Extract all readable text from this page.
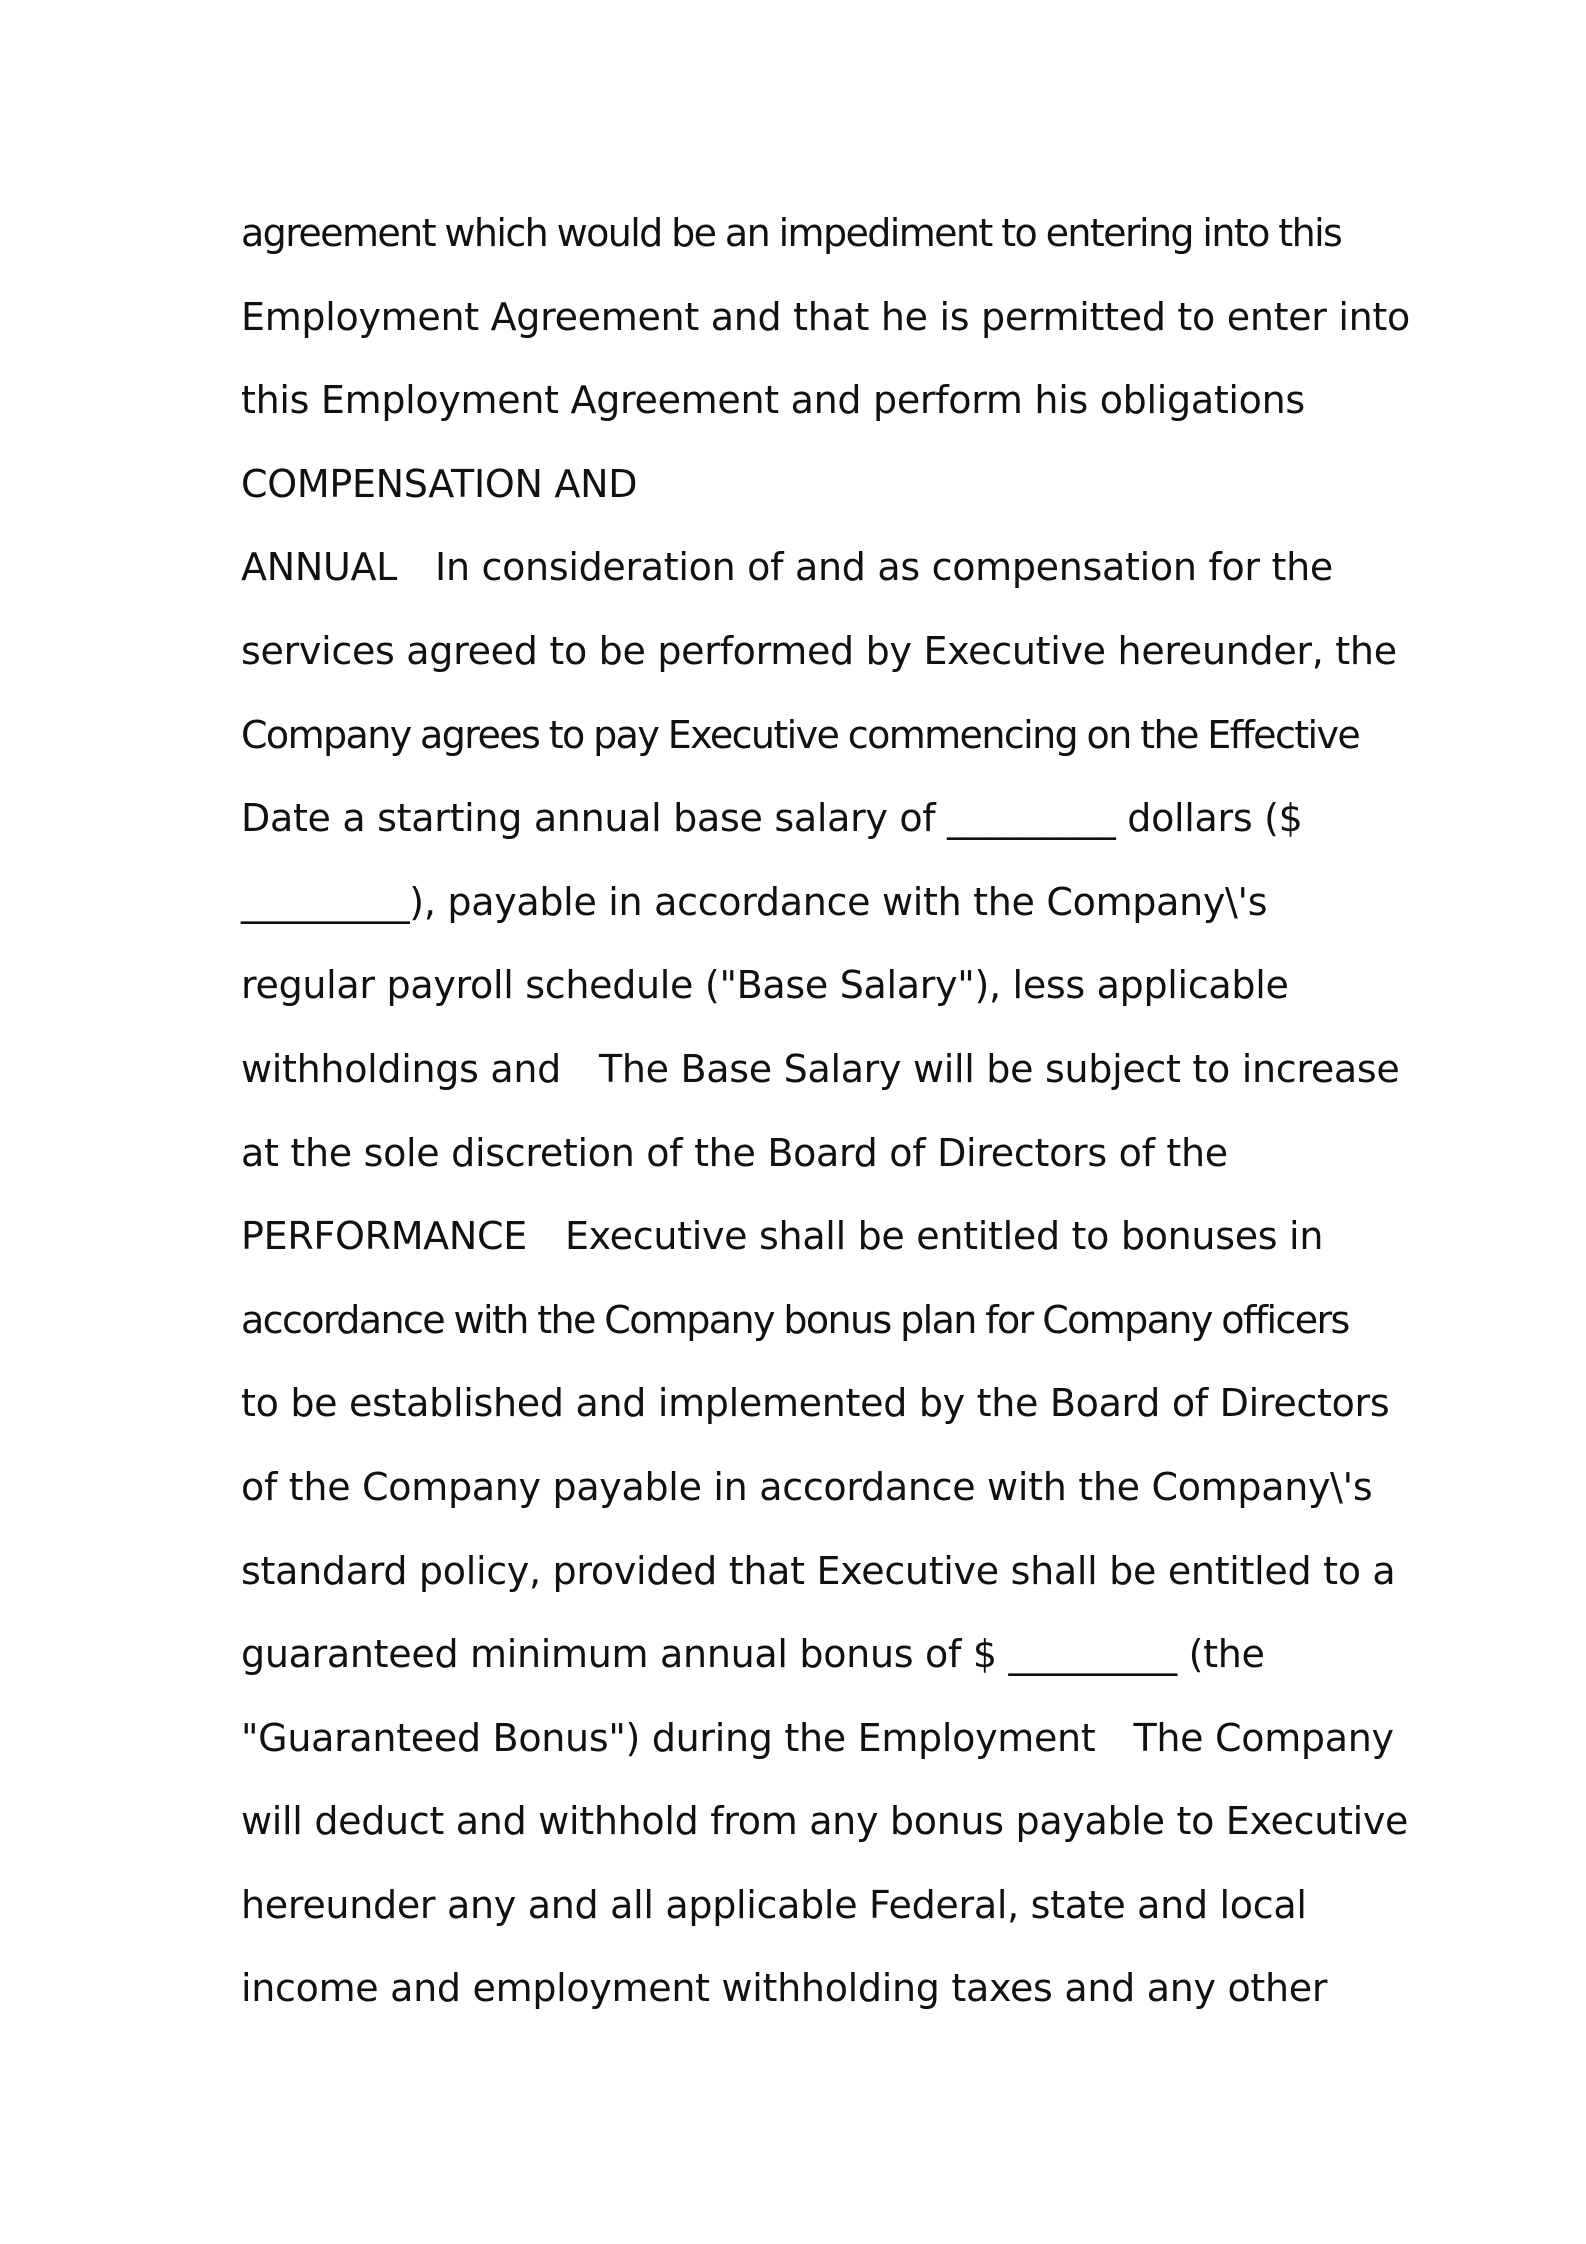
agreement which would be an impediment to entering into this
Employment Agreement and that he is permitted to enter into
this Employment Agreement and perform his obligations
COMPENSATION AND
ANNUAL In consideration of and as compensation for the
services agreed to be performed by Executive hereunder, the
Company agrees to pay Executive commencing on the Effective
Date a starting annual base salary of _________ dollars ($
_________), payable in accordance with the Company\'s
regular payroll schedule ("Base Salary"), less applicable
withholdings and The Base Salary will be subject to increase
at the sole discretion of the Board of Directors of the
PERFORMANCE Executive shall be entitled to bonuses in
accordance with the Company bonus plan for Company officers
to be established and implemented by the Board of Directors
of the Company payable in accordance with the Company\'s
standard policy, provided that Executive shall be entitled to a
guaranteed minimum annual bonus of $ _________ (the
"Guaranteed Bonus") during the Employment The Company
will deduct and withhold from any bonus payable to Executive
hereunder any and all applicable Federal, state and local
income and employment withholding taxes and any other
